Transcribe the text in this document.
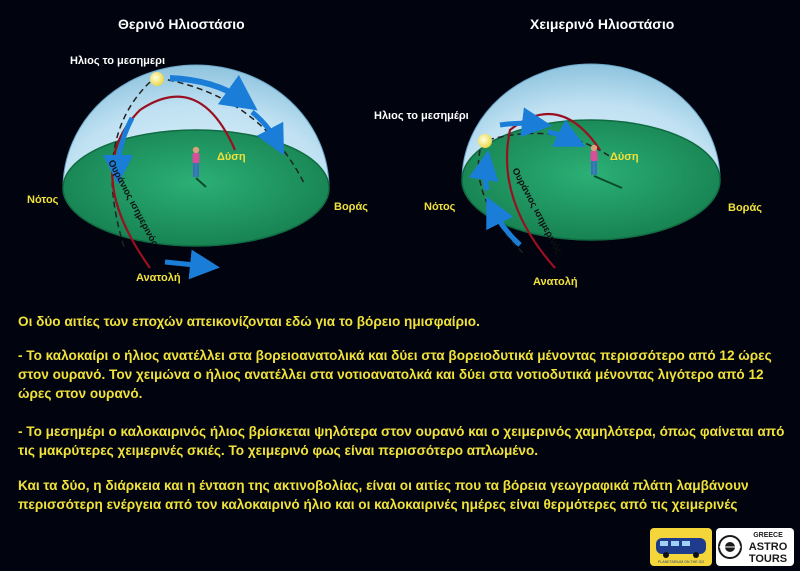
Θερινό Ηλιοστάσιο	Χειμερινό Ηλιοστάσιο
Ουράνιος ισημερινός	Ουράνιος ισημερινός
Ηλιος το μεσημερι
Δύση
Νότος
Βοράς
Ανατολή
Ηλιος το μεσημέρι
Δύση
Νότος	Βοράς
Ανατολή

Οι δύο αιτίες των εποχών απεικονίζονται εδώ για το βόρειο ημισφαίριο.

- Το καλοκαίρι ο ήλιος ανατέλλει στα βορειοανατολικά και δύει στα βορειοδυτικά μένοντας περισσότερο από 12 ώρες στον ουρανό. Τον χειμώνα ο ήλιος ανατέλλει στα νοτιοανατολκά και δύει στα νοτιοδυτικά μένοντας λιγότερο από 12 ώρες στον ουρανό.

- Το μεσημέρι ο καλοκαιρινός ήλιος βρίσκεται ψηλότερα στον ουρανό και ο χειμερινός χαμηλότερα, όπως φαίνεται από τις μακρύτερες χειμερινές σκιές. Το χειμερινό φως είναι περισσότερο απλωμένο.

Και τα δύο, η διάρκεια και η ένταση της ακτινοβολίας, είναι οι αιτίες που τα βόρεια γεωγραφικά πλάτη λαμβάνουν περισσότερη ενέργεια από τον καλοκαιρινό ήλιο και οι καλοκαιρινές ημέρες είναι θερμότερες από τις χειμερινές

PLANETARIUM ON THE GO
GREECE
ASTRO
TOURS
